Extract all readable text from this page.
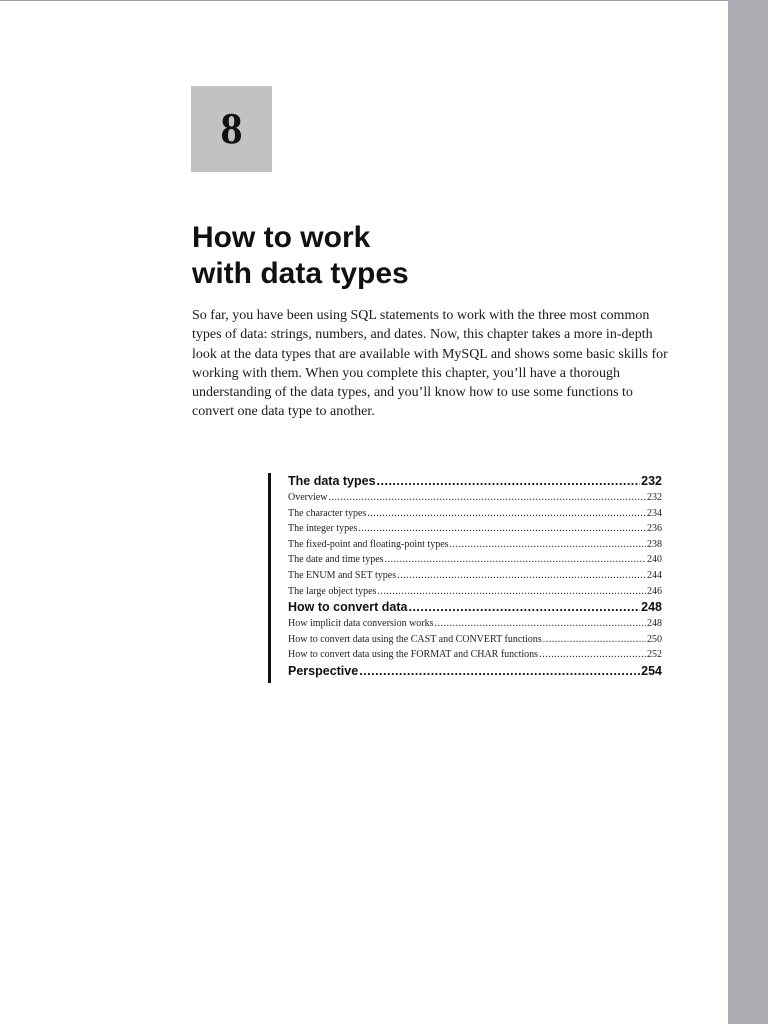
8
How to work
with data types

So far, you have been using SQL statements to work with the three most common types of data: strings, numbers, and dates. Now, this chapter takes a more in-depth look at the data types that are available with MySQL and shows some basic skills for working with them. When you complete this chapter, you’ll have a thorough understanding of the data types, and you’ll know how to use some functions to convert one data type to another.

The data types .....	232
Overview .....	232
The character types .....	234
The integer types .....	236
The fixed-point and floating-point types .....	238
The date and time types .....	240
The ENUM and SET types .....	244
The large object types .....	246
How to convert data .....	248
How implicit data conversion works .....	248
How to convert data using the CAST and CONVERT functions .....	250
How to convert data using the FORMAT and CHAR functions .....	252
Perspective .....	254
